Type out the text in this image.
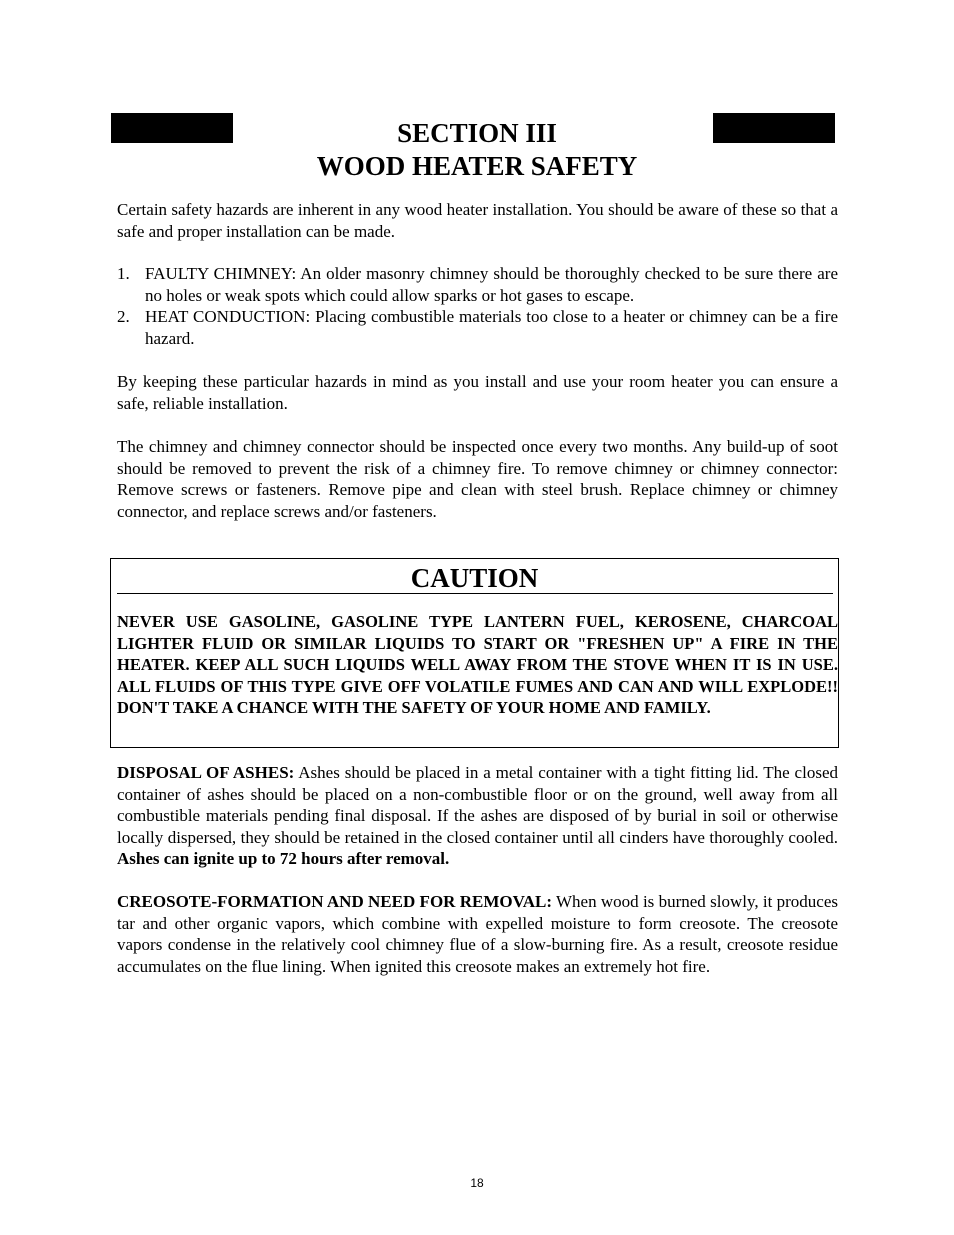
SECTION III
WOOD HEATER SAFETY
Certain safety hazards are inherent in any wood heater installation. You should be aware of these so that a safe and proper installation can be made.
1. FAULTY CHIMNEY: An older masonry chimney should be thoroughly checked to be sure there are no holes or weak spots which could allow sparks or hot gases to escape.
2. HEAT CONDUCTION: Placing combustible materials too close to a heater or chimney can be a fire hazard.
By keeping these particular hazards in mind as you install and use your room heater you can ensure a safe, reliable installation.
The chimney and chimney connector should be inspected once every two months. Any build-up of soot should be removed to prevent the risk of a chimney fire. To remove chimney or chimney connector: Remove screws or fasteners. Remove pipe and clean with steel brush. Replace chimney or chimney connector, and replace screws and/or fasteners.
CAUTION
NEVER USE GASOLINE, GASOLINE TYPE LANTERN FUEL, KEROSENE, CHARCOAL LIGHTER FLUID OR SIMILAR LIQUIDS TO START OR "FRESHEN UP" A FIRE IN THE HEATER. KEEP ALL SUCH LIQUIDS WELL AWAY FROM THE STOVE WHEN IT IS IN USE. ALL FLUIDS OF THIS TYPE GIVE OFF VOLATILE FUMES AND CAN AND WILL EXPLODE!! DON'T TAKE A CHANCE WITH THE SAFETY OF YOUR HOME AND FAMILY.
DISPOSAL OF ASHES: Ashes should be placed in a metal container with a tight fitting lid. The closed container of ashes should be placed on a non-combustible floor or on the ground, well away from all combustible materials pending final disposal. If the ashes are disposed of by burial in soil or otherwise locally dispersed, they should be retained in the closed container until all cinders have thoroughly cooled. Ashes can ignite up to 72 hours after removal.
CREOSOTE-FORMATION AND NEED FOR REMOVAL: When wood is burned slowly, it produces tar and other organic vapors, which combine with expelled moisture to form creosote. The creosote vapors condense in the relatively cool chimney flue of a slow-burning fire. As a result, creosote residue accumulates on the flue lining. When ignited this creosote makes an extremely hot fire.
18
